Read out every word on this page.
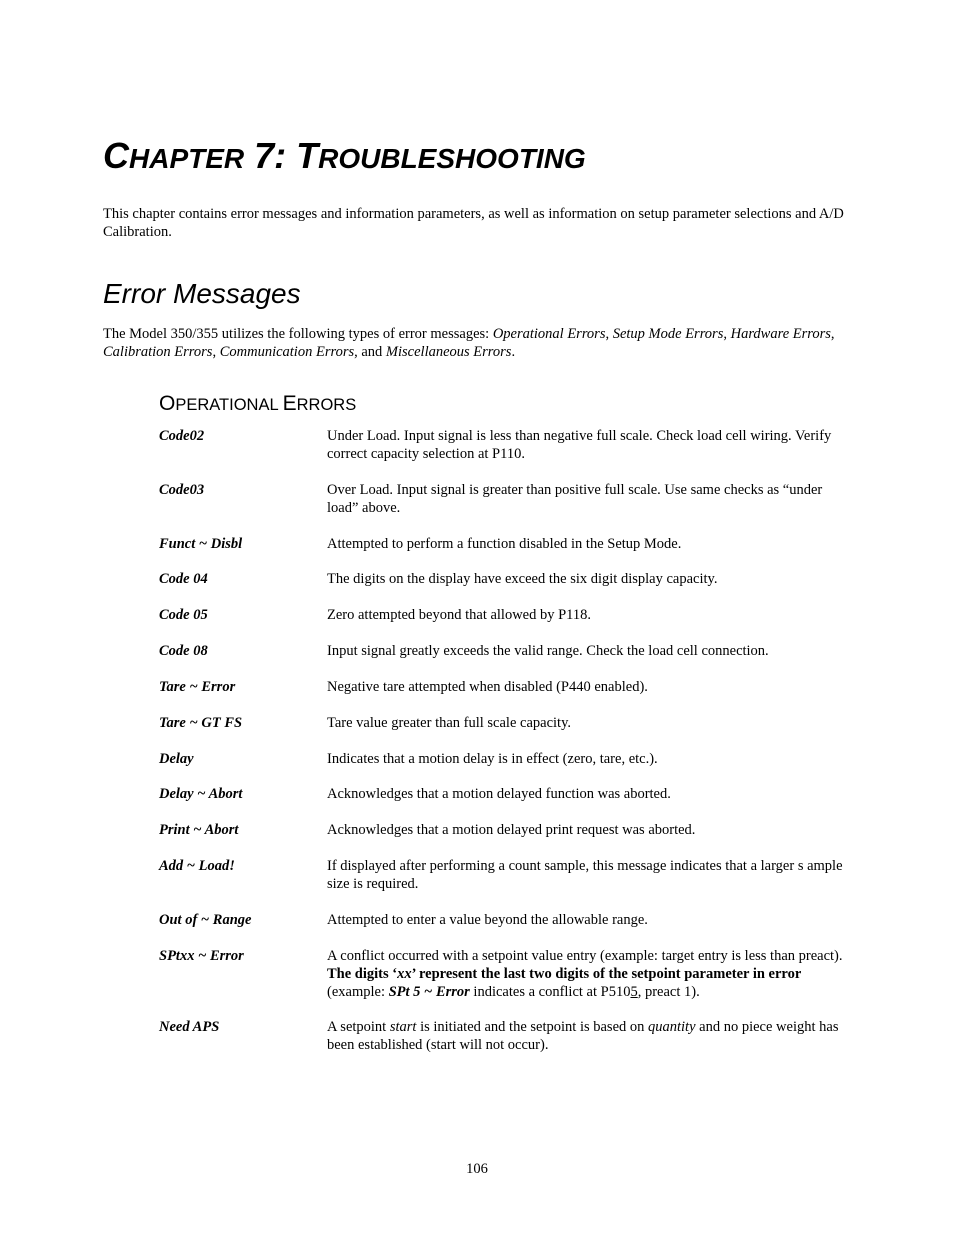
CHAPTER 7: TROUBLESHOOTING

This chapter contains error messages and information parameters, as well as information on setup parameter selections and A/D Calibration.

Error Messages

The Model 350/355 utilizes the following types of error messages: Operational Errors, Setup Mode Errors, Hardware Errors, Calibration Errors, Communication Errors, and Miscellaneous Errors.

OPERATIONAL ERRORS
Code02	Under Load. Input signal is less than negative full scale. Check load cell wiring. Verify correct capacity selection at P110.
Code03	Over Load. Input signal is greater than positive full scale. Use same checks as “under load” above.
Funct ~ Disbl	Attempted to perform a function disabled in the Setup Mode.
Code 04	The digits on the display have exceed the six digit display capacity.
Code 05	Zero attempted beyond that allowed by P118.
Code 08	Input signal greatly exceeds the valid range. Check the load cell connection.
Tare ~ Error	Negative tare attempted when disabled (P440 enabled).
Tare ~ GT FS	Tare value greater than full scale capacity.
Delay	Indicates that a motion delay is in effect (zero, tare, etc.).
Delay ~ Abort	Acknowledges that a motion delayed function was aborted.
Print ~ Abort	Acknowledges that a motion delayed print request was aborted.
Add ~ Load!	If displayed after performing a count sample, this message indicates that a larger s ample size is required.
Out of ~ Range	Attempted to enter a value beyond the allowable range.
SPtxx ~ Error	A conflict occurred with a setpoint value entry (example: target entry is less than preact). The digits ‘xx’ represent the last two digits of the setpoint parameter in error (example: SPt 5 ~ Error indicates a conflict at P5105, preact 1).
Need APS	A setpoint start is initiated and the setpoint is based on quantity and no piece weight has been established (start will not occur).
106
